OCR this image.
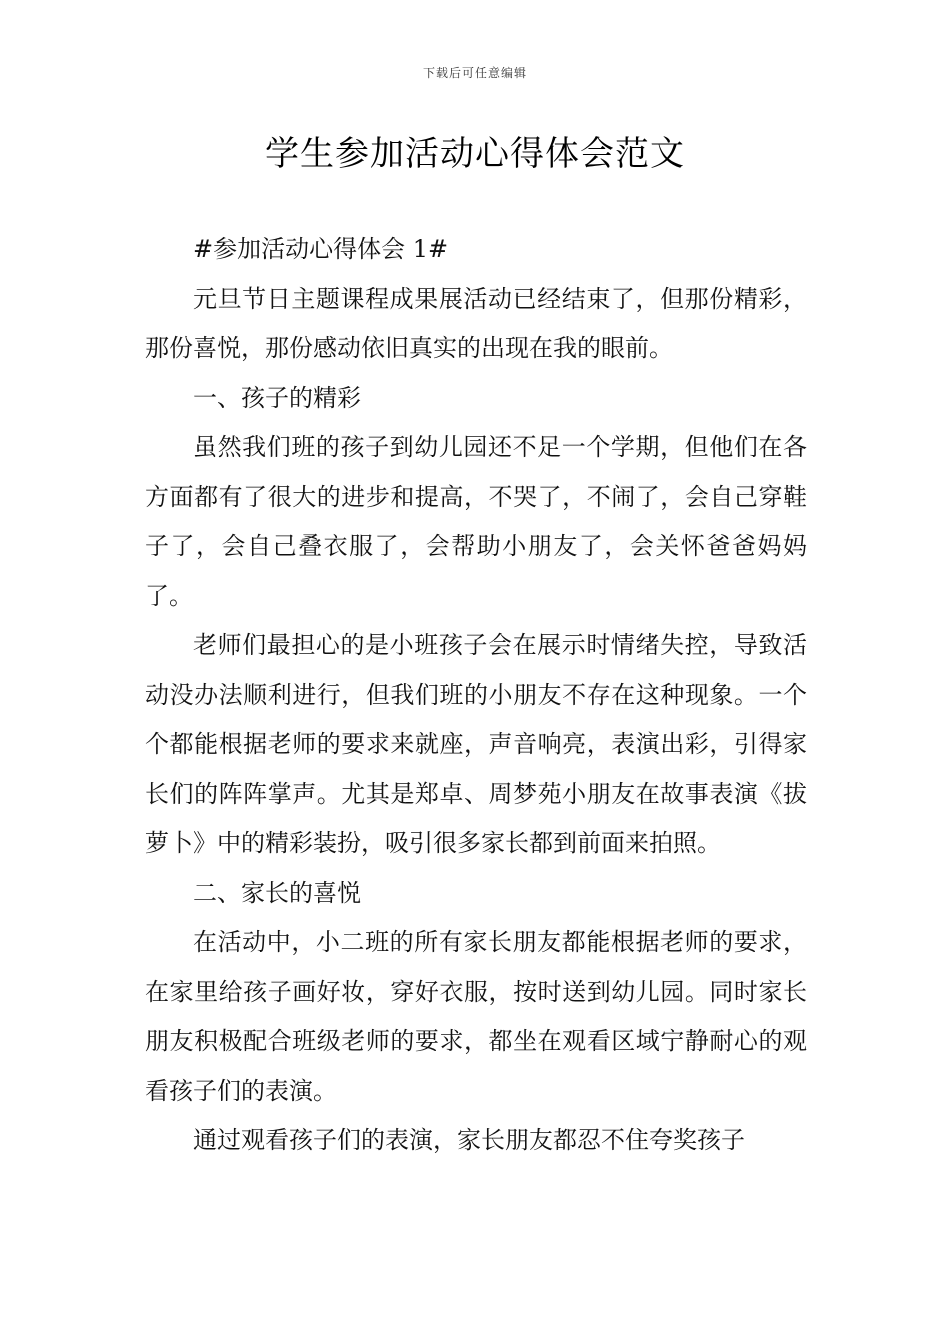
下载后可任意编辑
学生参加活动心得体会范文

#参加活动心得体会 1#

元旦节日主题课程成果展活动已经结束了，但那份精彩，那份喜悦，那份感动依旧真实的出现在我的眼前。

一、孩子的精彩

虽然我们班的孩子到幼儿园还不足一个学期，但他们在各方面都有了很大的进步和提高，不哭了，不闹了，会自己穿鞋子了，会自己叠衣服了，会帮助小朋友了，会关怀爸爸妈妈了。

老师们最担心的是小班孩子会在展示时情绪失控，导致活动没办法顺利进行，但我们班的小朋友不存在这种现象。一个个都能根据老师的要求来就座，声音响亮，表演出彩，引得家长们的阵阵掌声。尤其是郑卓、周梦苑小朋友在故事表演《拔萝卜》中的精彩装扮，吸引很多家长都到前面来拍照。

二、家长的喜悦

在活动中，小二班的所有家长朋友都能根据老师的要求，在家里给孩子画好妆，穿好衣服，按时送到幼儿园。同时家长朋友积极配合班级老师的要求，都坐在观看区域宁静耐心的观看孩子们的表演。

通过观看孩子们的表演，家长朋友都忍不住夸奖孩子
